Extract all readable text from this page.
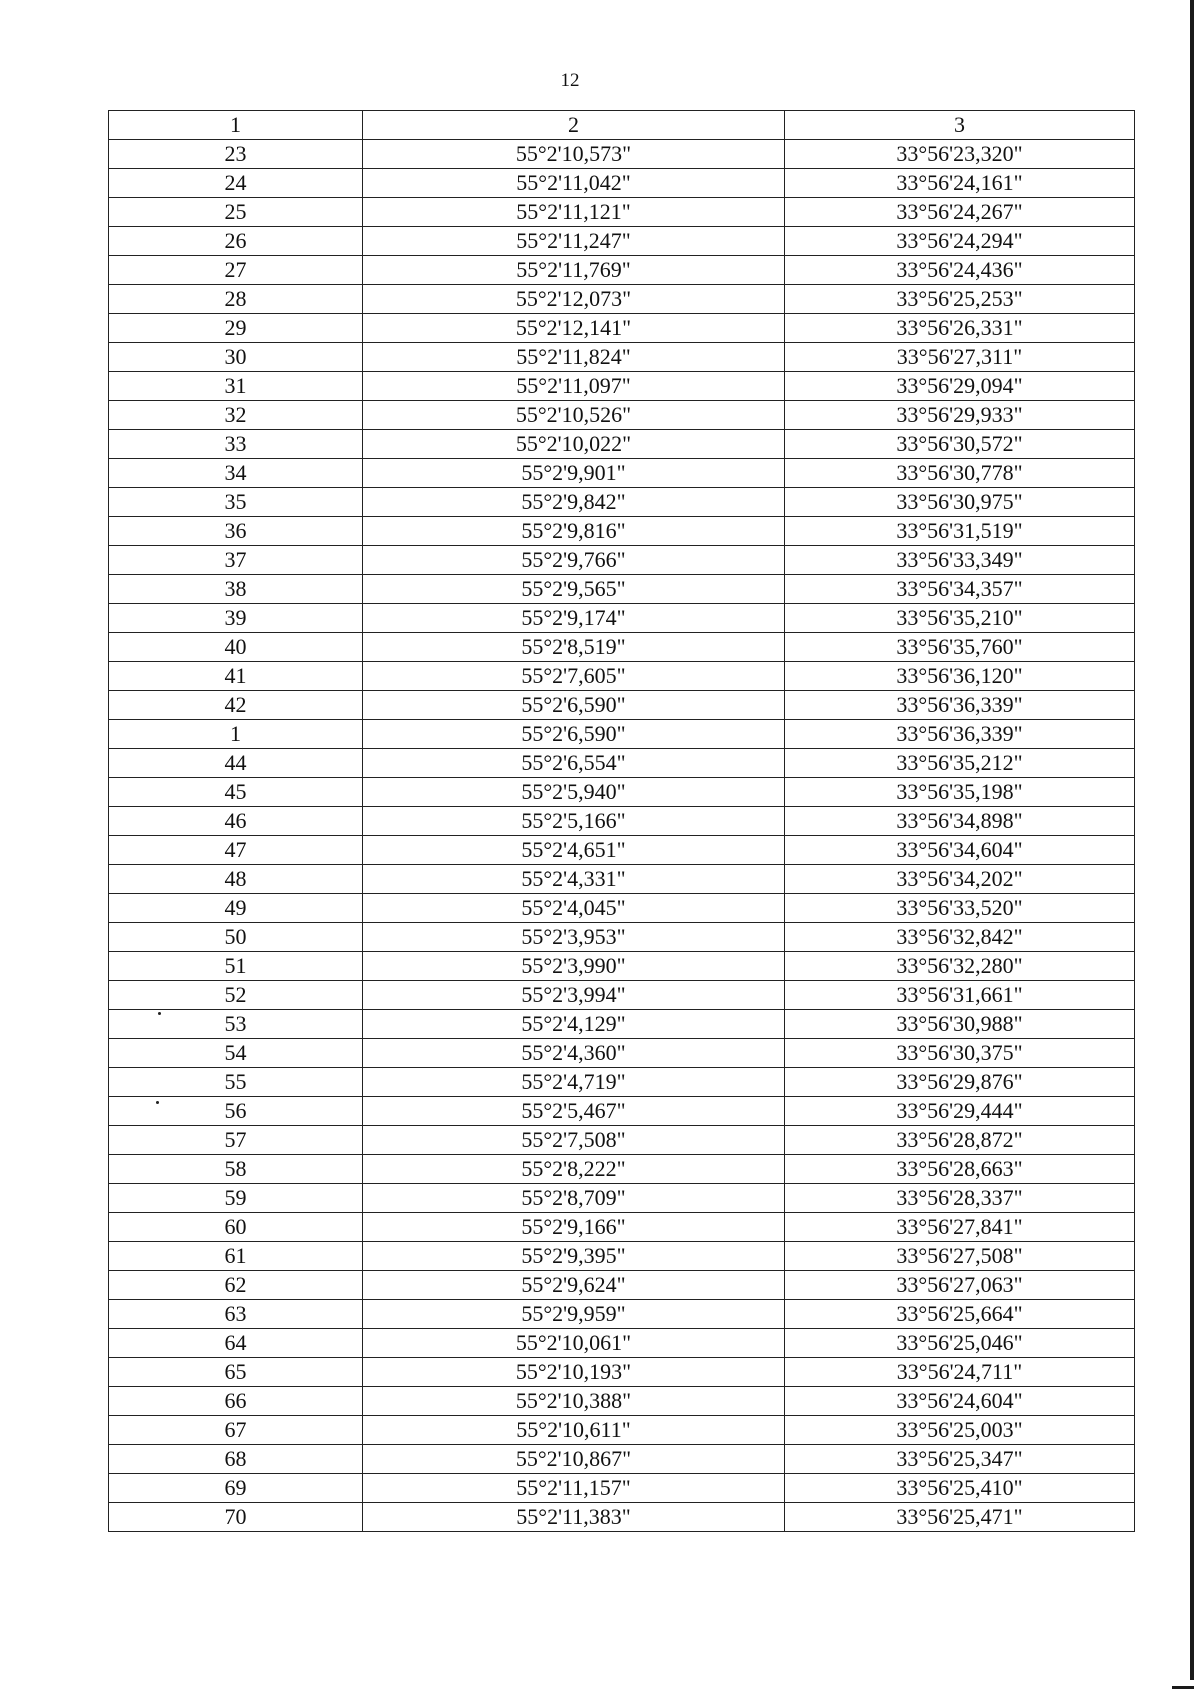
12
1	2	3
23	55°2'10,573"	33°56'23,320"
24	55°2'11,042"	33°56'24,161"
25	55°2'11,121"	33°56'24,267"
26	55°2'11,247"	33°56'24,294"
27	55°2'11,769"	33°56'24,436"
28	55°2'12,073"	33°56'25,253"
29	55°2'12,141"	33°56'26,331"
30	55°2'11,824"	33°56'27,311"
31	55°2'11,097"	33°56'29,094"
32	55°2'10,526"	33°56'29,933"
33	55°2'10,022"	33°56'30,572"
34	55°2'9,901"	33°56'30,778"
35	55°2'9,842"	33°56'30,975"
36	55°2'9,816"	33°56'31,519"
37	55°2'9,766"	33°56'33,349"
38	55°2'9,565"	33°56'34,357"
39	55°2'9,174"	33°56'35,210"
40	55°2'8,519"	33°56'35,760"
41	55°2'7,605"	33°56'36,120"
42	55°2'6,590"	33°56'36,339"
1	55°2'6,590"	33°56'36,339"
44	55°2'6,554"	33°56'35,212"
45	55°2'5,940"	33°56'35,198"
46	55°2'5,166"	33°56'34,898"
47	55°2'4,651"	33°56'34,604"
48	55°2'4,331"	33°56'34,202"
49	55°2'4,045"	33°56'33,520"
50	55°2'3,953"	33°56'32,842"
51	55°2'3,990"	33°56'32,280"
52	55°2'3,994"	33°56'31,661"
53	55°2'4,129"	33°56'30,988"
54	55°2'4,360"	33°56'30,375"
55	55°2'4,719"	33°56'29,876"
56	55°2'5,467"	33°56'29,444"
57	55°2'7,508"	33°56'28,872"
58	55°2'8,222"	33°56'28,663"
59	55°2'8,709"	33°56'28,337"
60	55°2'9,166"	33°56'27,841"
61	55°2'9,395"	33°56'27,508"
62	55°2'9,624"	33°56'27,063"
63	55°2'9,959"	33°56'25,664"
64	55°2'10,061"	33°56'25,046"
65	55°2'10,193"	33°56'24,711"
66	55°2'10,388"	33°56'24,604"
67	55°2'10,611"	33°56'25,003"
68	55°2'10,867"	33°56'25,347"
69	55°2'11,157"	33°56'25,410"
70	55°2'11,383"	33°56'25,471"
